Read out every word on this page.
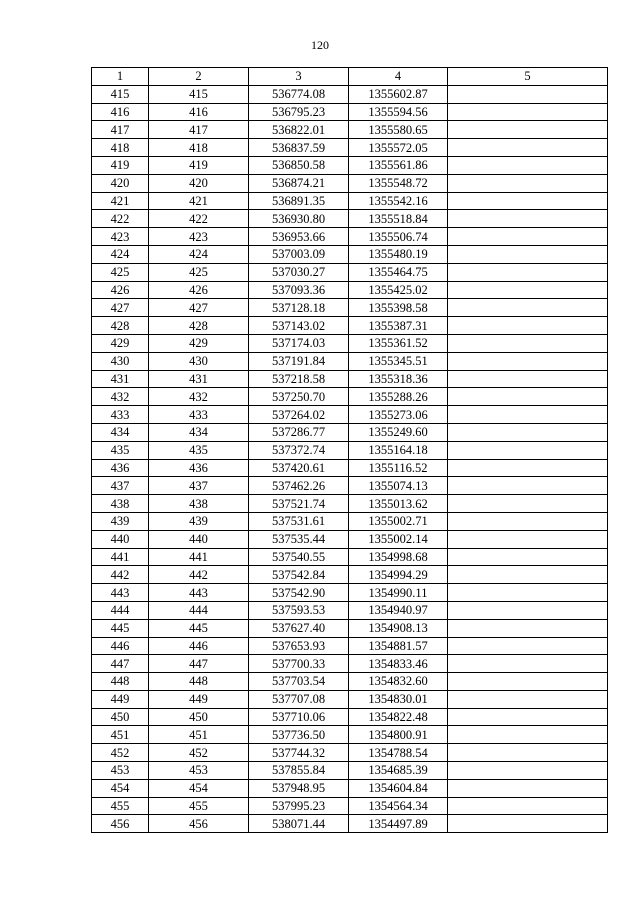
120
1	2	3	4	5
415	415	536774.08	1355602.87	
416	416	536795.23	1355594.56	
417	417	536822.01	1355580.65	
418	418	536837.59	1355572.05	
419	419	536850.58	1355561.86	
420	420	536874.21	1355548.72	
421	421	536891.35	1355542.16	
422	422	536930.80	1355518.84	
423	423	536953.66	1355506.74	
424	424	537003.09	1355480.19	
425	425	537030.27	1355464.75	
426	426	537093.36	1355425.02	
427	427	537128.18	1355398.58	
428	428	537143.02	1355387.31	
429	429	537174.03	1355361.52	
430	430	537191.84	1355345.51	
431	431	537218.58	1355318.36	
432	432	537250.70	1355288.26	
433	433	537264.02	1355273.06	
434	434	537286.77	1355249.60	
435	435	537372.74	1355164.18	
436	436	537420.61	1355116.52	
437	437	537462.26	1355074.13	
438	438	537521.74	1355013.62	
439	439	537531.61	1355002.71	
440	440	537535.44	1355002.14	
441	441	537540.55	1354998.68	
442	442	537542.84	1354994.29	
443	443	537542.90	1354990.11	
444	444	537593.53	1354940.97	
445	445	537627.40	1354908.13	
446	446	537653.93	1354881.57	
447	447	537700.33	1354833.46	
448	448	537703.54	1354832.60	
449	449	537707.08	1354830.01	
450	450	537710.06	1354822.48	
451	451	537736.50	1354800.91	
452	452	537744.32	1354788.54	
453	453	537855.84	1354685.39	
454	454	537948.95	1354604.84	
455	455	537995.23	1354564.34	
456	456	538071.44	1354497.89	
